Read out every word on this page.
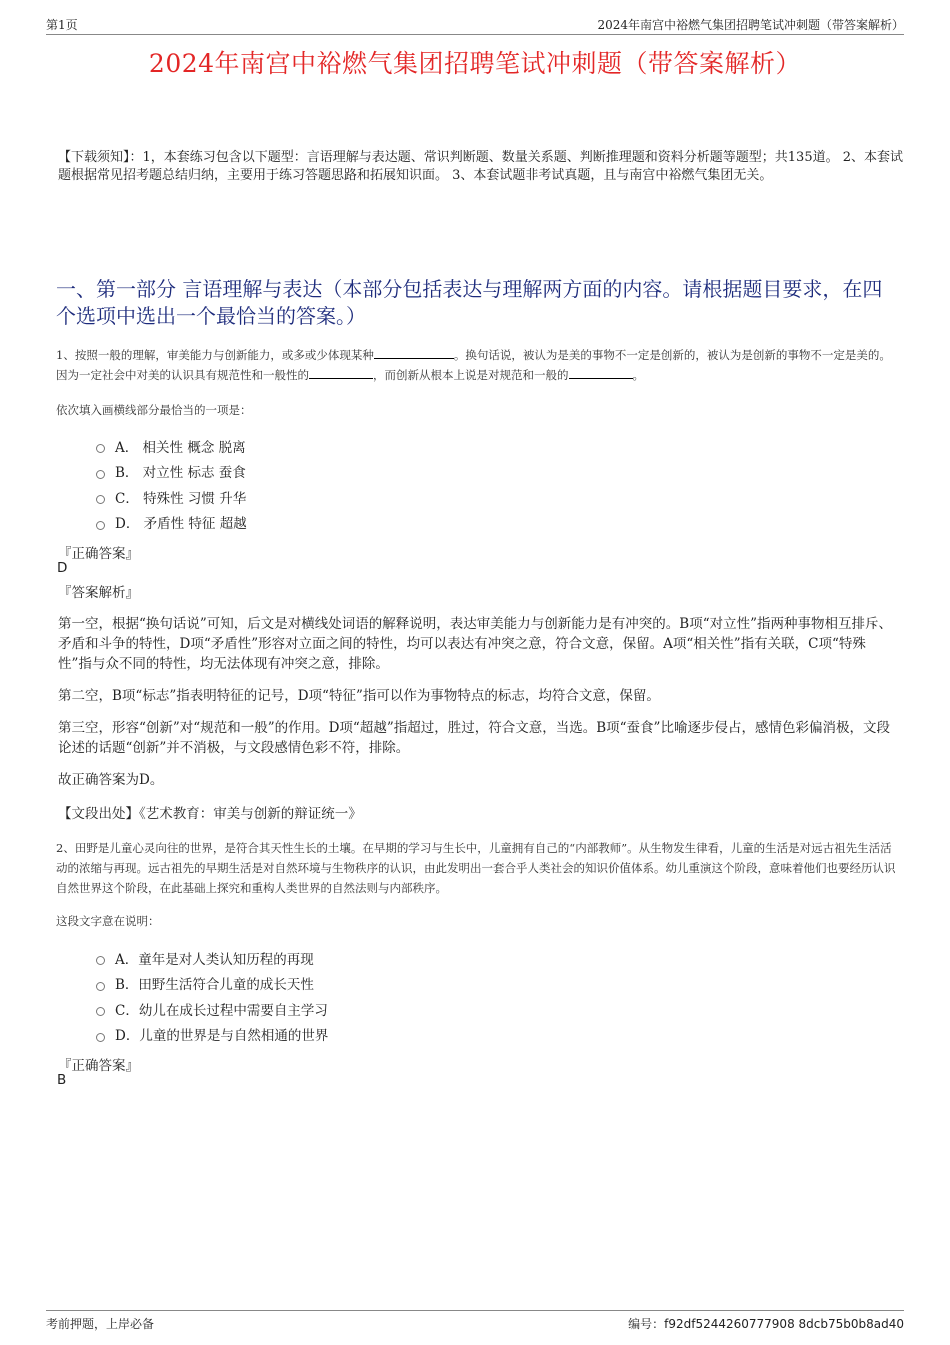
第1页	2024年南宫中裕燃气集团招聘笔试冲刺题（带答案解析）
2024年南宫中裕燃气集团招聘笔试冲刺题（带答案解析）
【下载须知】：1，本套练习包含以下题型：言语理解与表达题、常识判断题、数量关系题、判断推理题和资料分析题等题型；共135道。 2、本套试题根据常见招考题总结归纳，主要用于练习答题思路和拓展知识面。 3、本套试题非考试真题，且与南宫中裕燃气集团无关。
一、第一部分 言语理解与表达（本部分包括表达与理解两方面的内容。请根据题目要求，在四个选项中选出一个最恰当的答案。）
1、按照一般的理解，审美能力与创新能力，或多或少体现某种	。换句话说，被认为是美的事物不一定是创新的，被认为是创新的事物不一定是美的。因为一定社会中对美的认识具有规范性和一般性的	，而创新从根本上说是对规范和一般的	。
依次填入画横线部分最恰当的一项是：
A． 相关性 概念 脱离
B． 对立性 标志 蚕食
C． 特殊性 习惯 升华
D． 矛盾性 特征 超越
『正确答案』
D
『答案解析』
第一空，根据“换句话说”可知，后文是对横线处词语的解释说明，表达审美能力与创新能力是有冲突的。B项“对立性”指两种事物相互排斥、矛盾和斗争的特性，D项“矛盾性”形容对立面之间的特性，均可以表达有冲突之意，符合文意，保留。A项“相关性”指有关联，C项“特殊性”指与众不同的特性，均无法体现有冲突之意，排除。
第二空，B项“标志”指表明特征的记号，D项“特征”指可以作为事物特点的标志，均符合文意，保留。
第三空，形容“创新”对“规范和一般”的作用。D项“超越”指超过，胜过，符合文意，当选。B项“蚕食”比喻逐步侵占，感情色彩偏消极，文段论述的话题“创新”并不消极，与文段感情色彩不符，排除。
故正确答案为D。
【文段出处】《艺术教育：审美与创新的辩证统一》
2、田野是儿童心灵向往的世界，是符合其天性生长的土壤。在早期的学习与生长中，儿童拥有自己的“内部教师”。从生物发生律看，儿童的生活是对远古祖先生活活动的浓缩与再现。远古祖先的早期生活是对自然环境与生物秩序的认识，由此发明出一套合乎人类社会的知识价值体系。幼儿重演这个阶段，意味着他们也要经历认识自然世界这个阶段，在此基础上探究和重构人类世界的自然法则与内部秩序。
这段文字意在说明：
A．童年是对人类认知历程的再现
B．田野生活符合儿童的成长天性
C．幼儿在成长过程中需要自主学习
D．儿童的世界是与自然相通的世界
『正确答案』
B
考前押题，上岸必备	编号：f92df5244260777908 8dcb75b0b8ad40
